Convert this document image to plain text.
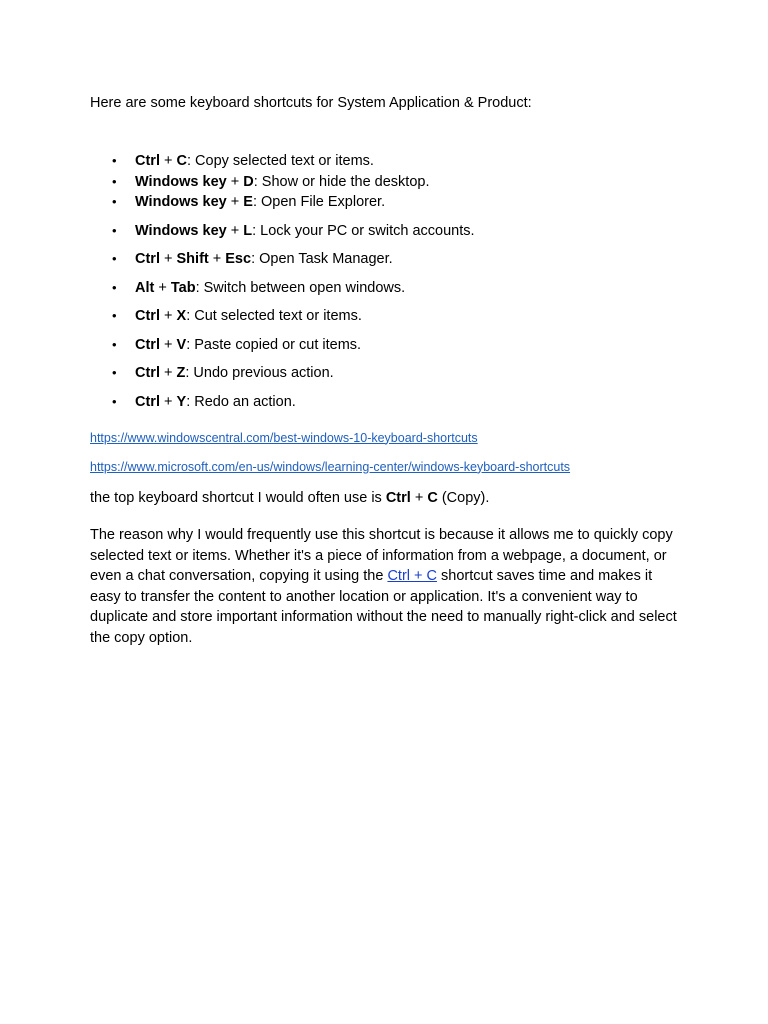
Here are some keyboard shortcuts for System Application & Product:

• Ctrl + C: Copy selected text or items.
• Windows key + D: Show or hide the desktop.
• Windows key + E: Open File Explorer.
• Windows key + L: Lock your PC or switch accounts.
• Ctrl + Shift + Esc: Open Task Manager.
• Alt + Tab: Switch between open windows.
• Ctrl + X: Cut selected text or items.
• Ctrl + V: Paste copied or cut items.
• Ctrl + Z: Undo previous action.
• Ctrl + Y: Redo an action.
https://www.windowscentral.com/best-windows-10-keyboard-shortcuts
https://www.microsoft.com/en-us/windows/learning-center/windows-keyboard-shortcuts

the top keyboard shortcut I would often use is Ctrl + C (Copy).

The reason why I would frequently use this shortcut is because it allows me to quickly copy selected text or items. Whether it's a piece of information from a webpage, a document, or even a chat conversation, copying it using the Ctrl + C shortcut saves time and makes it easy to transfer the content to another location or application. It's a convenient way to duplicate and store important information without the need to manually right-click and select the copy option.
